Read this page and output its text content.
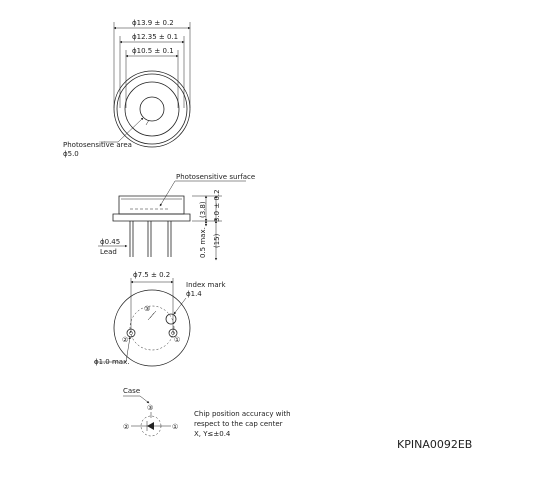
ϕ13.9 ± 0.2
ϕ12.35 ± 0.1
ϕ10.5 ± 0.1
Photosensitive area
ϕ5.0
Photosensitive surface
ϕ0.45
Lead
(3.8) 3.0 ± 0.2
0.5 max. (15)
ϕ7.5 ± 0.2
Index mark
ϕ1.4
③
②	①
ϕ1.0 max.
Case
③
②	①
Chip position accuracy with
respect to the cap center
X, Y≤±0.4
KPINA0092EB
